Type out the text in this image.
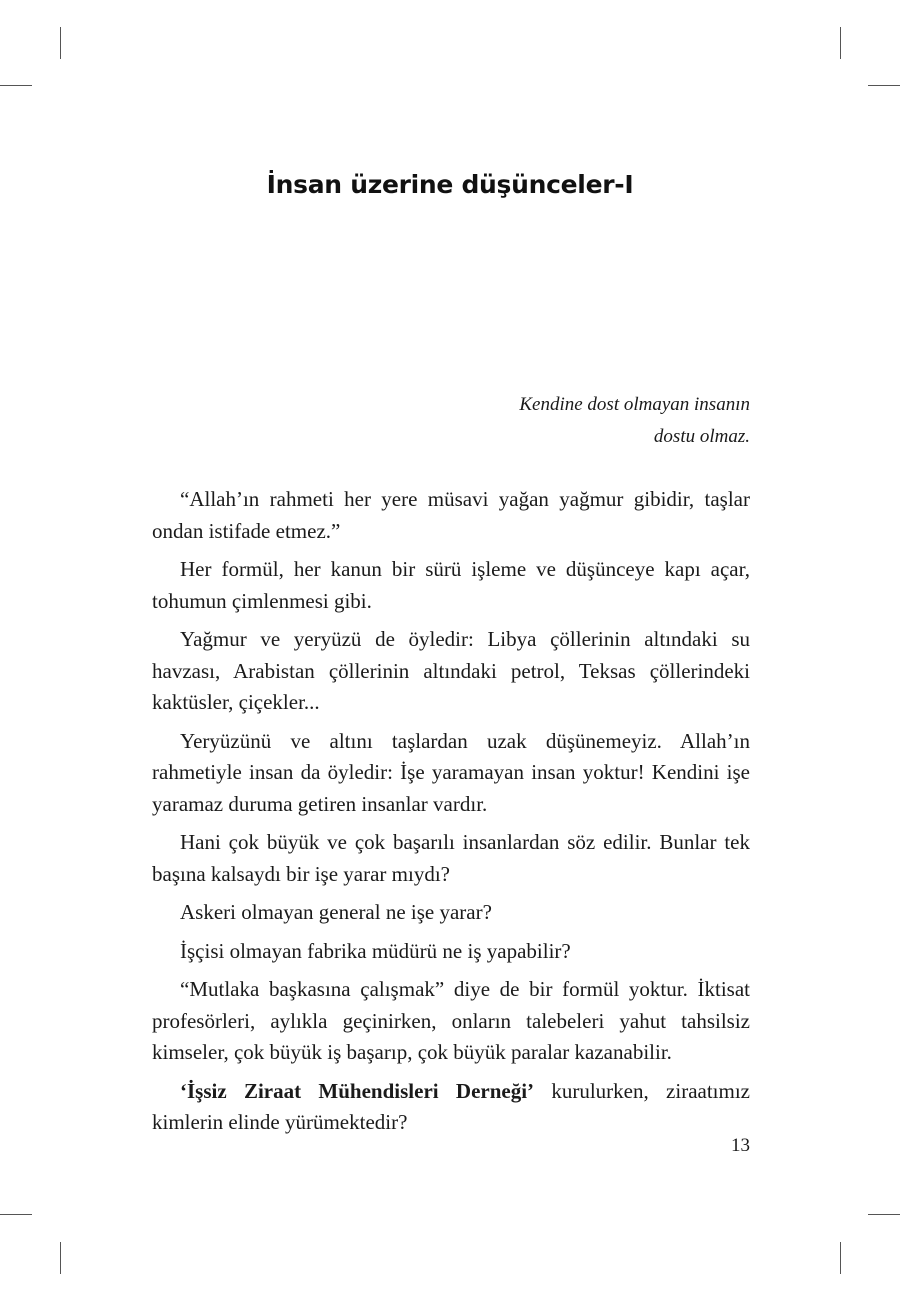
İnsan üzerine düşünceler-I
Kendine dost olmayan insanın
dostu olmaz.

“Allah’ın rahmeti her yere müsavi yağan yağmur gibidir, taşlar ondan istifade etmez.”

Her formül, her kanun bir sürü işleme ve düşünceye kapı açar, tohumun çimlenmesi gibi.

Yağmur ve yeryüzü de öyledir: Libya çöllerinin altındaki su havzası, Arabistan çöllerinin altındaki petrol, Teksas çöllerindeki kaktüsler, çiçekler...

Yeryüzünü ve altını taşlardan uzak düşünemeyiz. Allah’ın rahmetiyle insan da öyledir: İşe yaramayan insan yoktur! Kendini işe yaramaz duruma getiren insanlar vardır.

Hani çok büyük ve çok başarılı insanlardan söz edilir. Bunlar tek başına kalsaydı bir işe yarar mıydı?

Askeri olmayan general ne işe yarar?

İşçisi olmayan fabrika müdürü ne iş yapabilir?

“Mutlaka başkasına çalışmak” diye de bir formül yoktur. İktisat profesörleri, aylıkla geçinirken, onların talebeleri yahut tahsilsiz kimseler, çok büyük iş başarıp, çok büyük paralar kazanabilir.

‘İşsiz Ziraat Mühendisleri Derneği’ kurulurken, ziraatımız kimlerin elinde yürümektedir?

13
